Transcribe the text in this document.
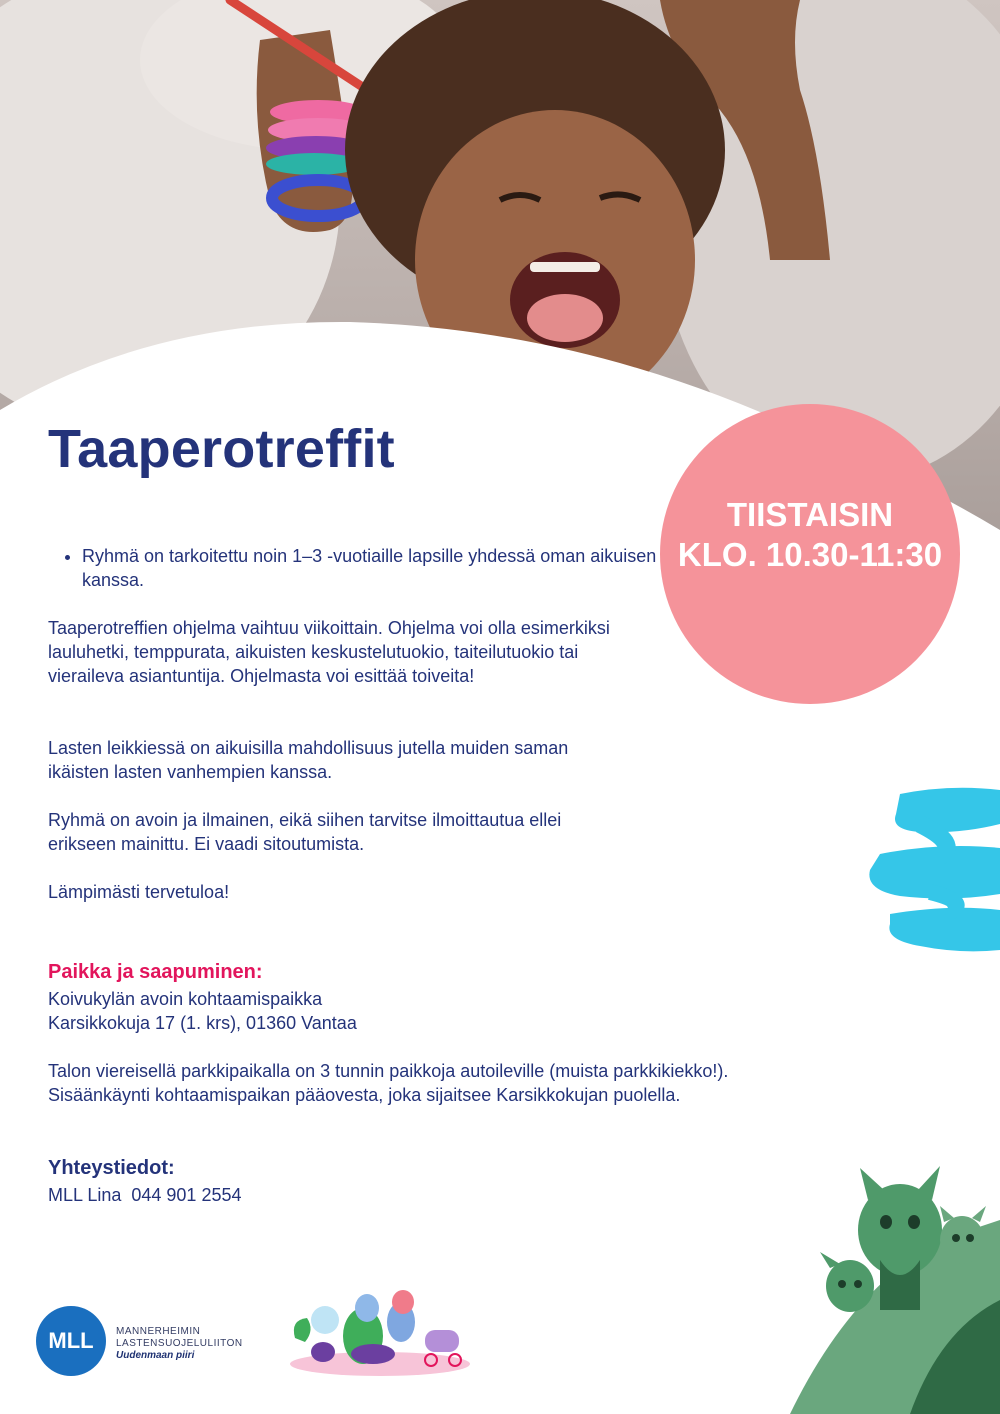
Taaperotreffit
TIISTAISIN
KLO. 10.30-11:30
• Ryhmä on tarkoitettu noin 1–3 -vuotiaille lapsille yhdessä oman aikuisen kanssa.

Taaperotreffien ohjelma vaihtuu viikoittain. Ohjelma voi olla esimerkiksi lauluhetki, temppurata, aikuisten keskustelutuokio, taiteilutuokio tai vieraileva asiantuntija. Ohjelmasta voi esittää toiveita!

Lasten leikkiessä on aikuisilla mahdollisuus jutella muiden saman ikäisten lasten vanhempien kanssa.

Ryhmä on avoin ja ilmainen, eikä siihen tarvitse ilmoittautua ellei erikseen mainittu. Ei vaadi sitoutumista.

Lämpimästi tervetuloa!

Paikka ja saapuminen:

Koivukylän avoin kohtaamispaikka

Karsikkokuja 17 (1. krs), 01360 Vantaa

Talon viereisellä parkkipaikalla on 3 tunnin paikkoja autoileville (muista parkkikiekko!).

Sisäänkäynti kohtaamispaikan pääovesta, joka sijaitsee Karsikkokujan puolella.

Yhteystiedot:

MLL Lina  044 901 2554

MLL	MANNERHEIMIN
LASTENSUOJELULIITON
Uudenmaan piiri
